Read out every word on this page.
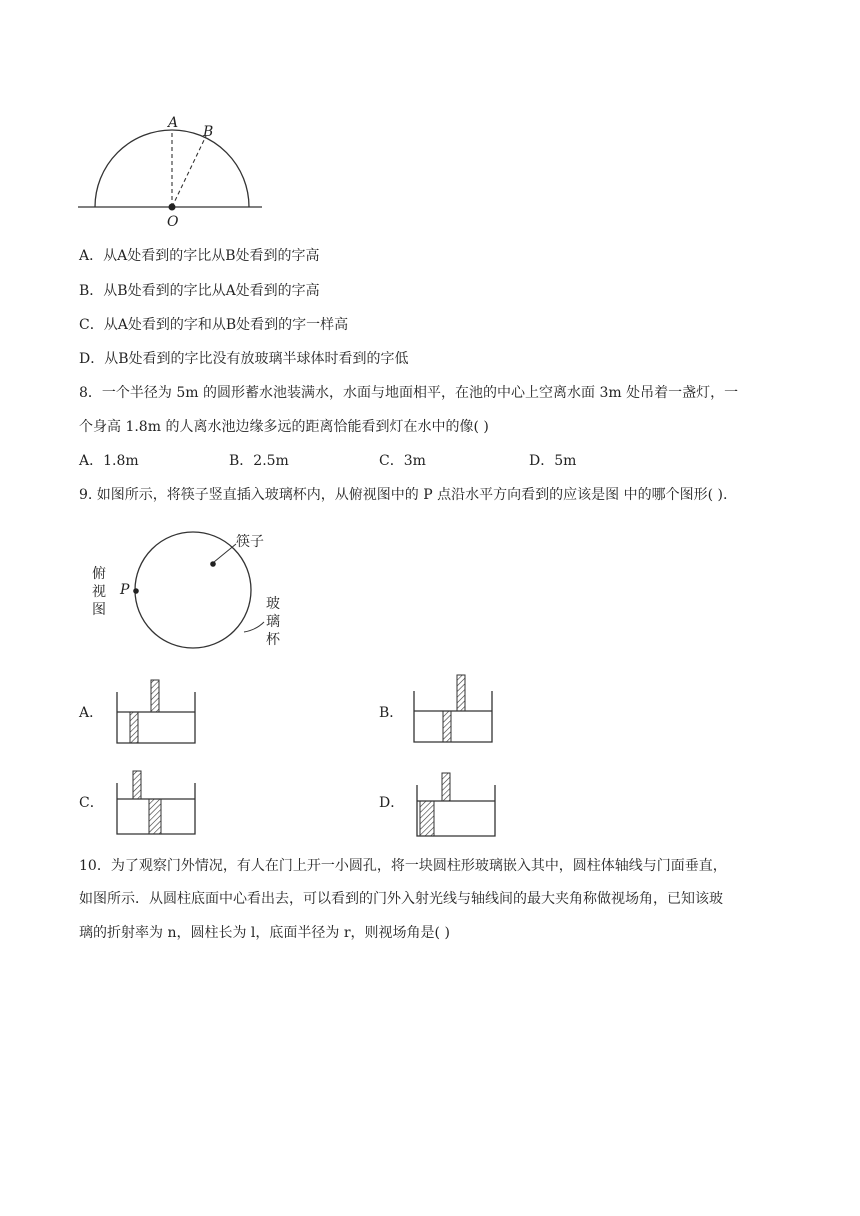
A
B
O
A．从A处看到的字比从B处看到的字高
B．从B处看到的字比从A处看到的字高
C．从A处看到的字和从B处看到的字一样高
D．从B处看到的字比没有放玻璃半球体时看到的字低
8．一个半径为 5m 的圆形蓄水池装满水，水面与地面相平，在池的中心上空离水面 3m 处吊着一盏灯，一
个身高 1.8m 的人离水池边缘多远的距离恰能看到灯在水中的像( )
A．1.8m	B．2.5m	C．3m	D．5m
9. 如图所示，将筷子竖直插入玻璃杯内，从俯视图中的 P 点沿水平方向看到的应该是图 中的哪个图形( ).
筷子
P
俯
视
图	玻
璃
杯
A．	B．
C．	D．
10．为了观察门外情况，有人在门上开一小圆孔，将一块圆柱形玻璃嵌入其中，圆柱体轴线与门面垂直，
如图所示．从圆柱底面中心看出去，可以看到的门外入射光线与轴线间的最大夹角称做视场角，已知该玻
璃的折射率为 n，圆柱长为 l，底面半径为 r，则视场角是( )
